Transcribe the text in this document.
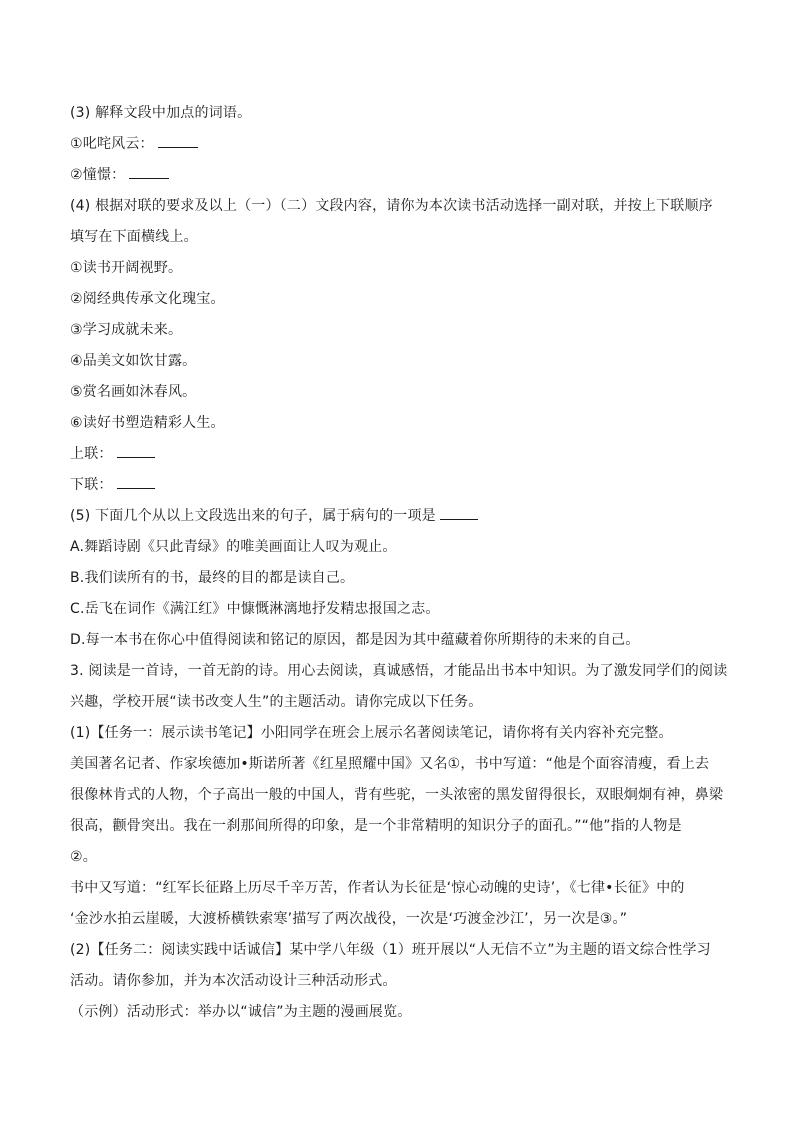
(3) 解释文段中加点的词语。
①叱咤风云：
②憧憬：
(4) 根据对联的要求及以上（一）（二）文段内容，请你为本次读书活动选择一副对联，并按上下联顺序
填写在下面横线上。
①读书开阔视野。
②阅经典传承文化瑰宝。
③学习成就未来。
④品美文如饮甘露。
⑤赏名画如沐春风。
⑥读好书塑造精彩人生。
上联：
下联：
(5) 下面几个从以上文段选出来的句子，属于病句的一项是
A.舞蹈诗剧《只此青绿》的唯美画面让人叹为观止。
B.我们读所有的书，最终的目的都是读自己。
C.岳飞在词作《满江红》中慷慨淋漓地抒发精忠报国之志。
D.每一本书在你心中值得阅读和铭记的原因，都是因为其中蕴藏着你所期待的未来的自己。
3. 阅读是一首诗，一首无韵的诗。用心去阅读，真诚感悟，才能品出书本中知识。为了激发同学们的阅读
兴趣，学校开展“读书改变人生”的主题活动。请你完成以下任务。
(1)【任务一：展示读书笔记】小阳同学在班会上展示名著阅读笔记，请你将有关内容补充完整。
美国著名记者、作家埃德加•斯诺所著《红星照耀中国》又名①，书中写道：“他是个面容清瘦，看上去
很像林肯式的人物，个子高出一般的中国人，背有些驼，一头浓密的黑发留得很长，双眼炯炯有神，鼻梁
很高，颧骨突出。我在一刹那间所得的印象，是一个非常精明的知识分子的面孔。”“他”指的人物是
②。
书中又写道：“红军长征路上历尽千辛万苦，作者认为长征是‘惊心动魄的史诗’，《七律•长征》中的
‘金沙水拍云崖暖，大渡桥横铁索寒’描写了两次战役，一次是‘巧渡金沙江’，另一次是③。”
(2)【任务二：阅读实践中话诚信】某中学八年级（1）班开展以“人无信不立”为主题的语文综合性学习
活动。请你参加，并为本次活动设计三种活动形式。
（示例）活动形式：举办以“诚信”为主题的漫画展览。
